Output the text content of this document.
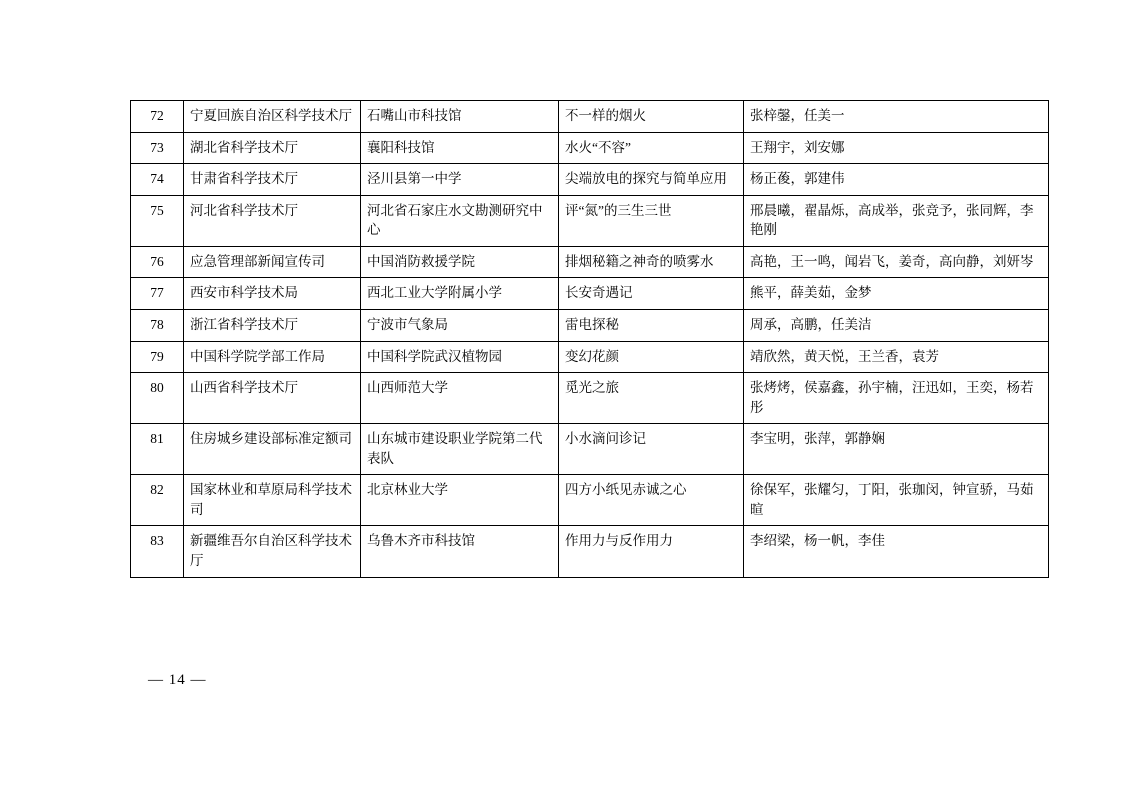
72	宁夏回族自治区科学技术厅	石嘴山市科技馆	不一样的烟火	张梓鏧，任美一
73	湖北省科学技术厅	襄阳科技馆	水火“不容”	王翔宇，刘安娜
74	甘肃省科学技术厅	泾川县第一中学	尖端放电的探究与简单应用	杨正葰，郭建伟
75	河北省科学技术厅	河北省石家庄水文勘测研究中心	评“氮”的三生三世	邢晨曦，翟晶烁，高成举，张竞予，张同辉，李艳刚
76	应急管理部新闻宣传司	中国消防救援学院	排烟秘籍之神奇的喷雾水	高艳，王一鸣，闻岩飞，姜奇，高向静，刘妍岑
77	西安市科学技术局	西北工业大学附属小学	长安奇遇记	熊平，薛美茹，金梦
78	浙江省科学技术厅	宁波市气象局	雷电探秘	周承，高鹏，任美洁
79	中国科学院学部工作局	中国科学院武汉植物园	变幻花颜	靖欣然，黄天悦，王兰香，袁芳
80	山西省科学技术厅	山西师范大学	觅光之旅	张烤烤，侯嘉鑫，孙宇楠，汪迅如，王奕，杨若彤
81	住房城乡建设部标准定额司	山东城市建设职业学院第二代表队	小水滴问诊记	李宝明，张萍，郭静娴
82	国家林业和草原局科学技术司	北京林业大学	四方小纸见赤诚之心	徐保军，张耀匀，丁阳，张珈闵，钟宣骄，马茹暄
83	新疆维吾尔自治区科学技术厅	乌鲁木齐市科技馆	作用力与反作用力	李绍梁，杨一帆，李佳
— 14 —
